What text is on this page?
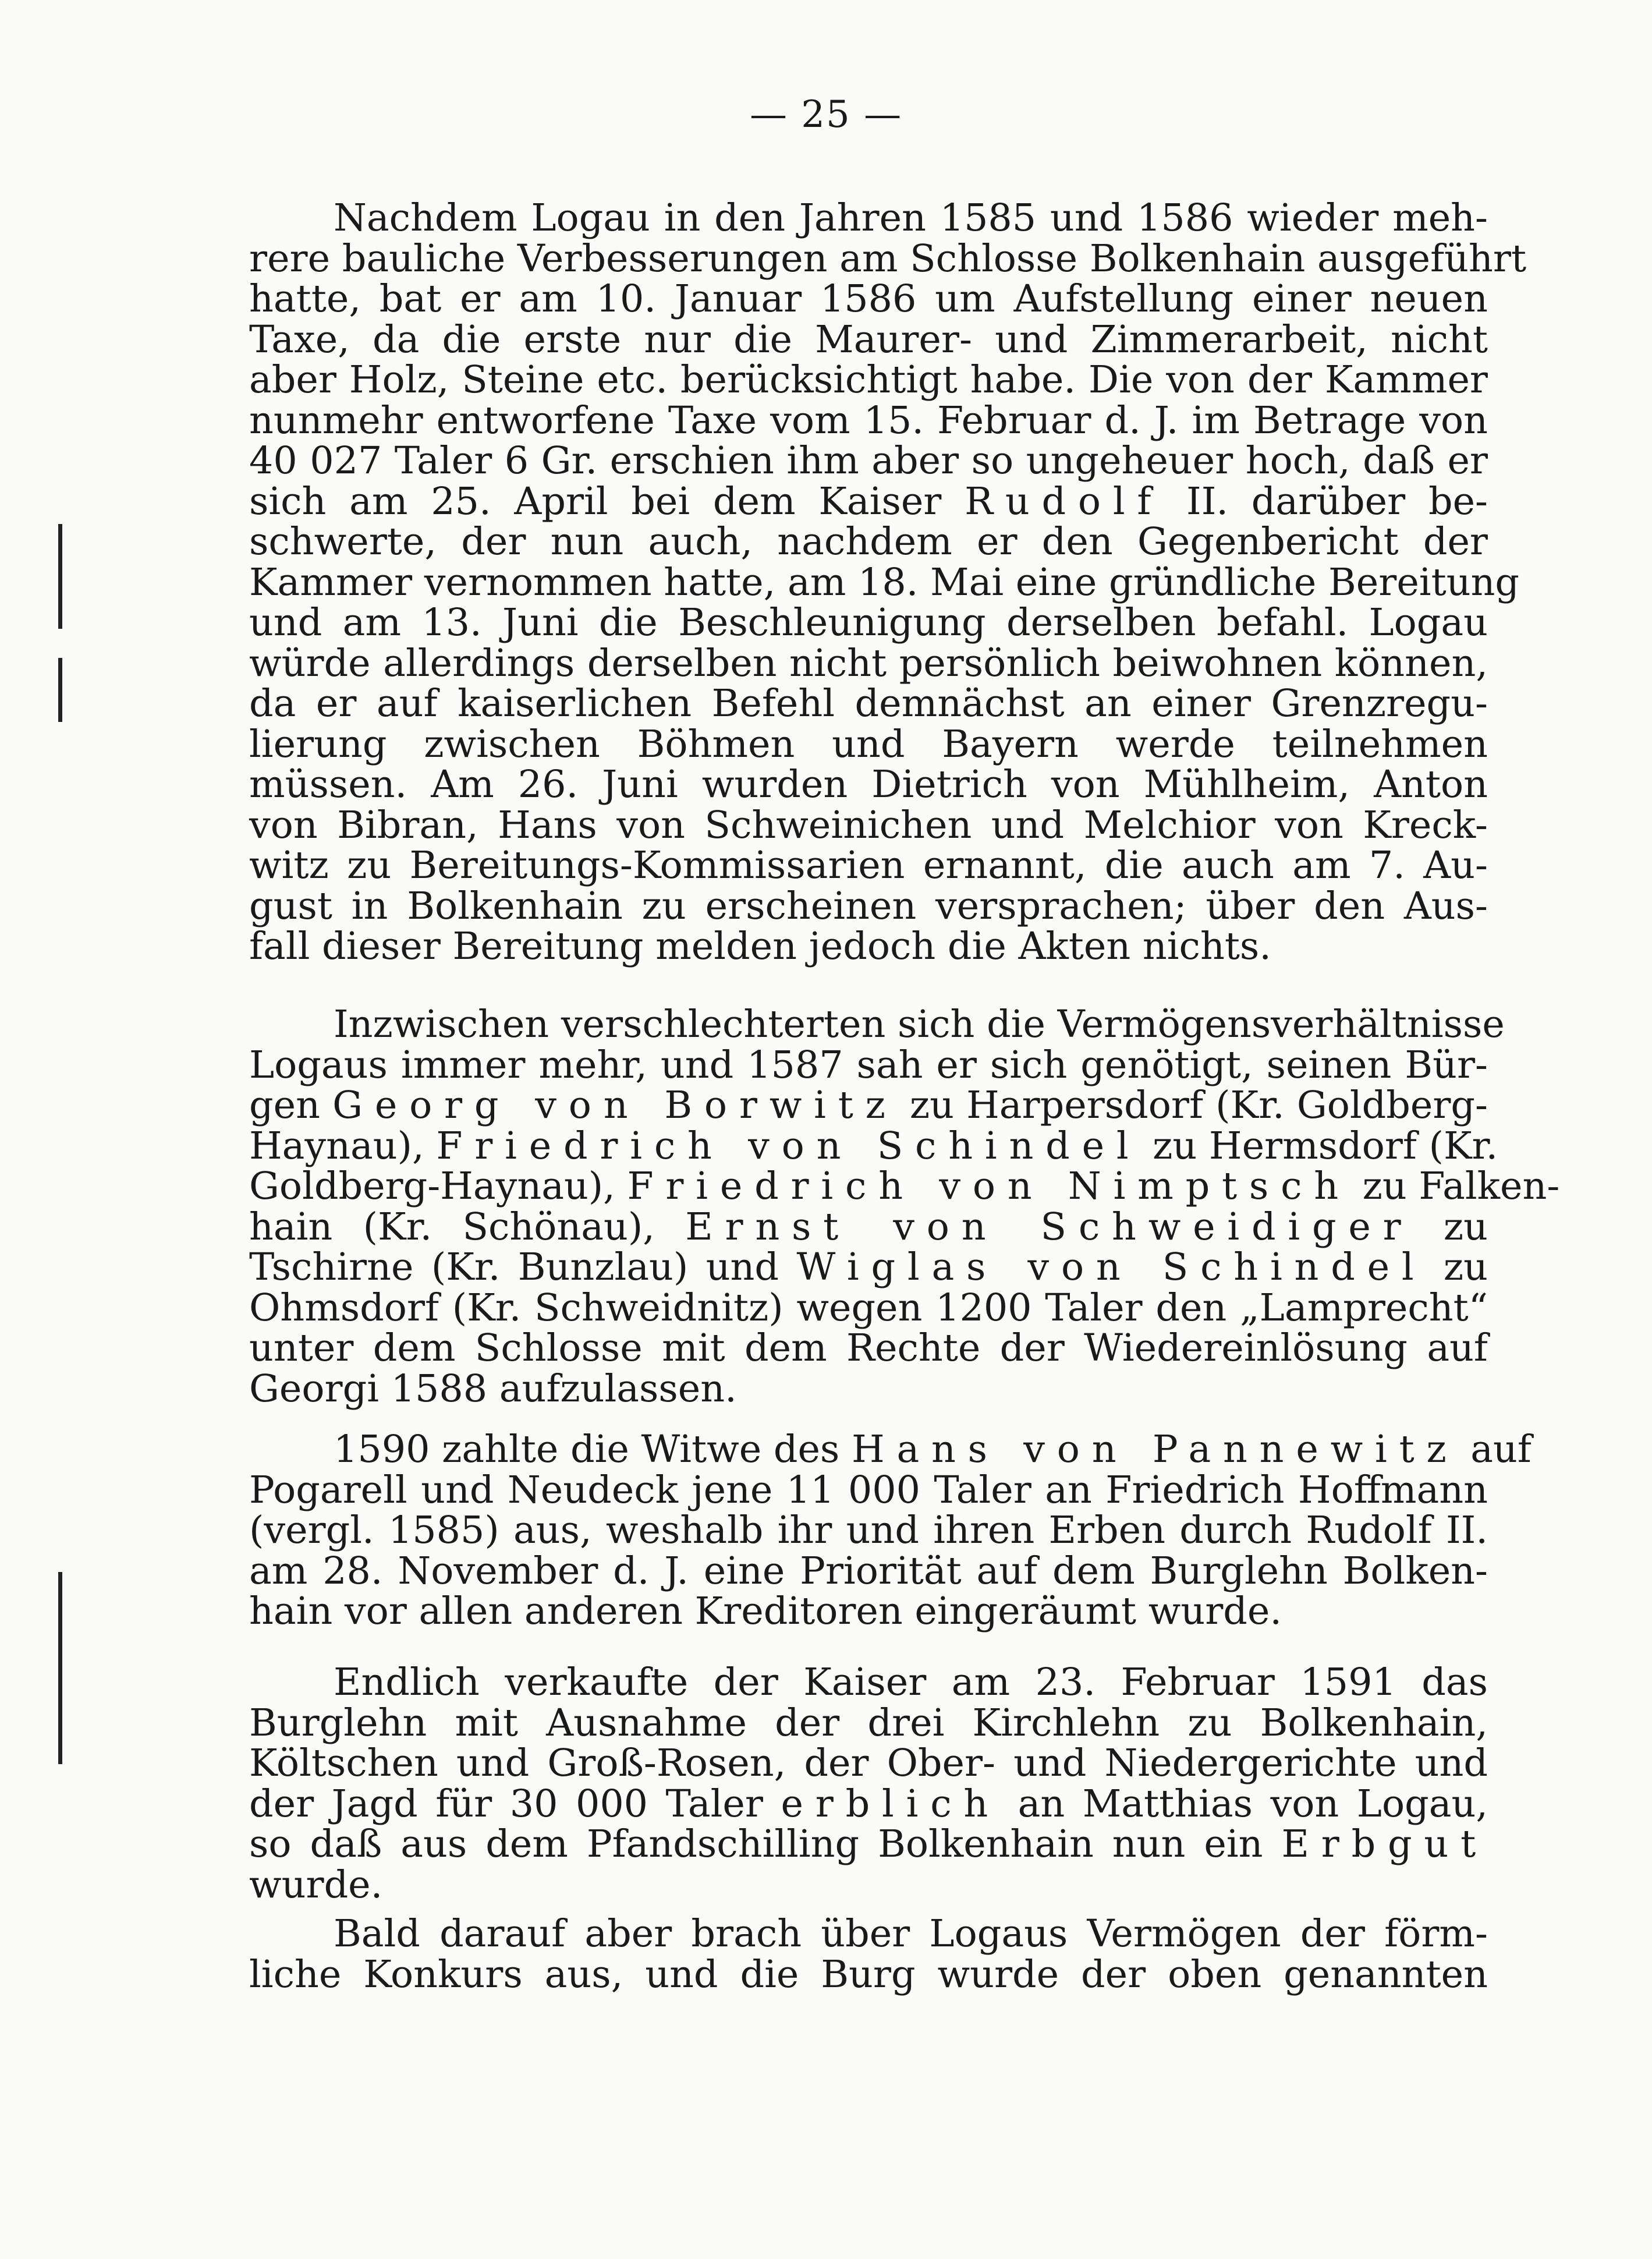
— 25 —
Nachdem Logau in den Jahren 1585 und 1586 wieder meh-
rere bauliche Verbesserungen am Schlosse Bolkenhain ausgeführt
hatte, bat er am 10. Januar 1586 um Aufstellung einer neuen
Taxe, da die erste nur die Maurer- und Zimmerarbeit, nicht
aber Holz, Steine etc. berücksichtigt habe. Die von der Kammer
nunmehr entworfene Taxe vom 15. Februar d. J. im Betrage von
40 027 Taler 6 Gr. erschien ihm aber so ungeheuer hoch, daß er
sich am 25. April bei dem Kaiser Rudolf II. darüber be-
schwerte, der nun auch, nachdem er den Gegenbericht der
Kammer vernommen hatte, am 18. Mai eine gründliche Bereitung
und am 13. Juni die Beschleunigung derselben befahl. Logau
würde allerdings derselben nicht persönlich beiwohnen können,
da er auf kaiserlichen Befehl demnächst an einer Grenzregu-
lierung zwischen Böhmen und Bayern werde teilnehmen
müssen. Am 26. Juni wurden Dietrich von Mühlheim, Anton
von Bibran, Hans von Schweinichen und Melchior von Kreck-
witz zu Bereitungs-Kommissarien ernannt, die auch am 7. Au-
gust in Bolkenhain zu erscheinen versprachen; über den Aus-
fall dieser Bereitung melden jedoch die Akten nichts.
Inzwischen verschlechterten sich die Vermögensverhältnisse
Logaus immer mehr, und 1587 sah er sich genötigt, seinen Bür-
gen Georg von Borwitz zu Harpersdorf (Kr. Goldberg-
Haynau), Friedrich von Schindel zu Hermsdorf (Kr.
Goldberg-Haynau), Friedrich von Nimptsch zu Falken-
hain (Kr. Schönau), Ernst von Schweidiger zu
Tschirne (Kr. Bunzlau) und Wiglas von Schindel zu
Ohmsdorf (Kr. Schweidnitz) wegen 1200 Taler den „Lamprecht“
unter dem Schlosse mit dem Rechte der Wiedereinlösung auf
Georgi 1588 aufzulassen.
1590 zahlte die Witwe des Hans von Pannewitz auf
Pogarell und Neudeck jene 11 000 Taler an Friedrich Hoffmann
(vergl. 1585) aus, weshalb ihr und ihren Erben durch Rudolf II.
am 28. November d. J. eine Priorität auf dem Burglehn Bolken-
hain vor allen anderen Kreditoren eingeräumt wurde.
Endlich verkaufte der Kaiser am 23. Februar 1591 das
Burglehn mit Ausnahme der drei Kirchlehn zu Bolkenhain,
Költschen und Groß-Rosen, der Ober- und Niedergerichte und
der Jagd für 30 000 Taler erblich an Matthias von Logau,
so daß aus dem Pfandschilling Bolkenhain nun ein Erbgut
wurde.
Bald darauf aber brach über Logaus Vermögen der förm-
liche Konkurs aus, und die Burg wurde der oben genannten
